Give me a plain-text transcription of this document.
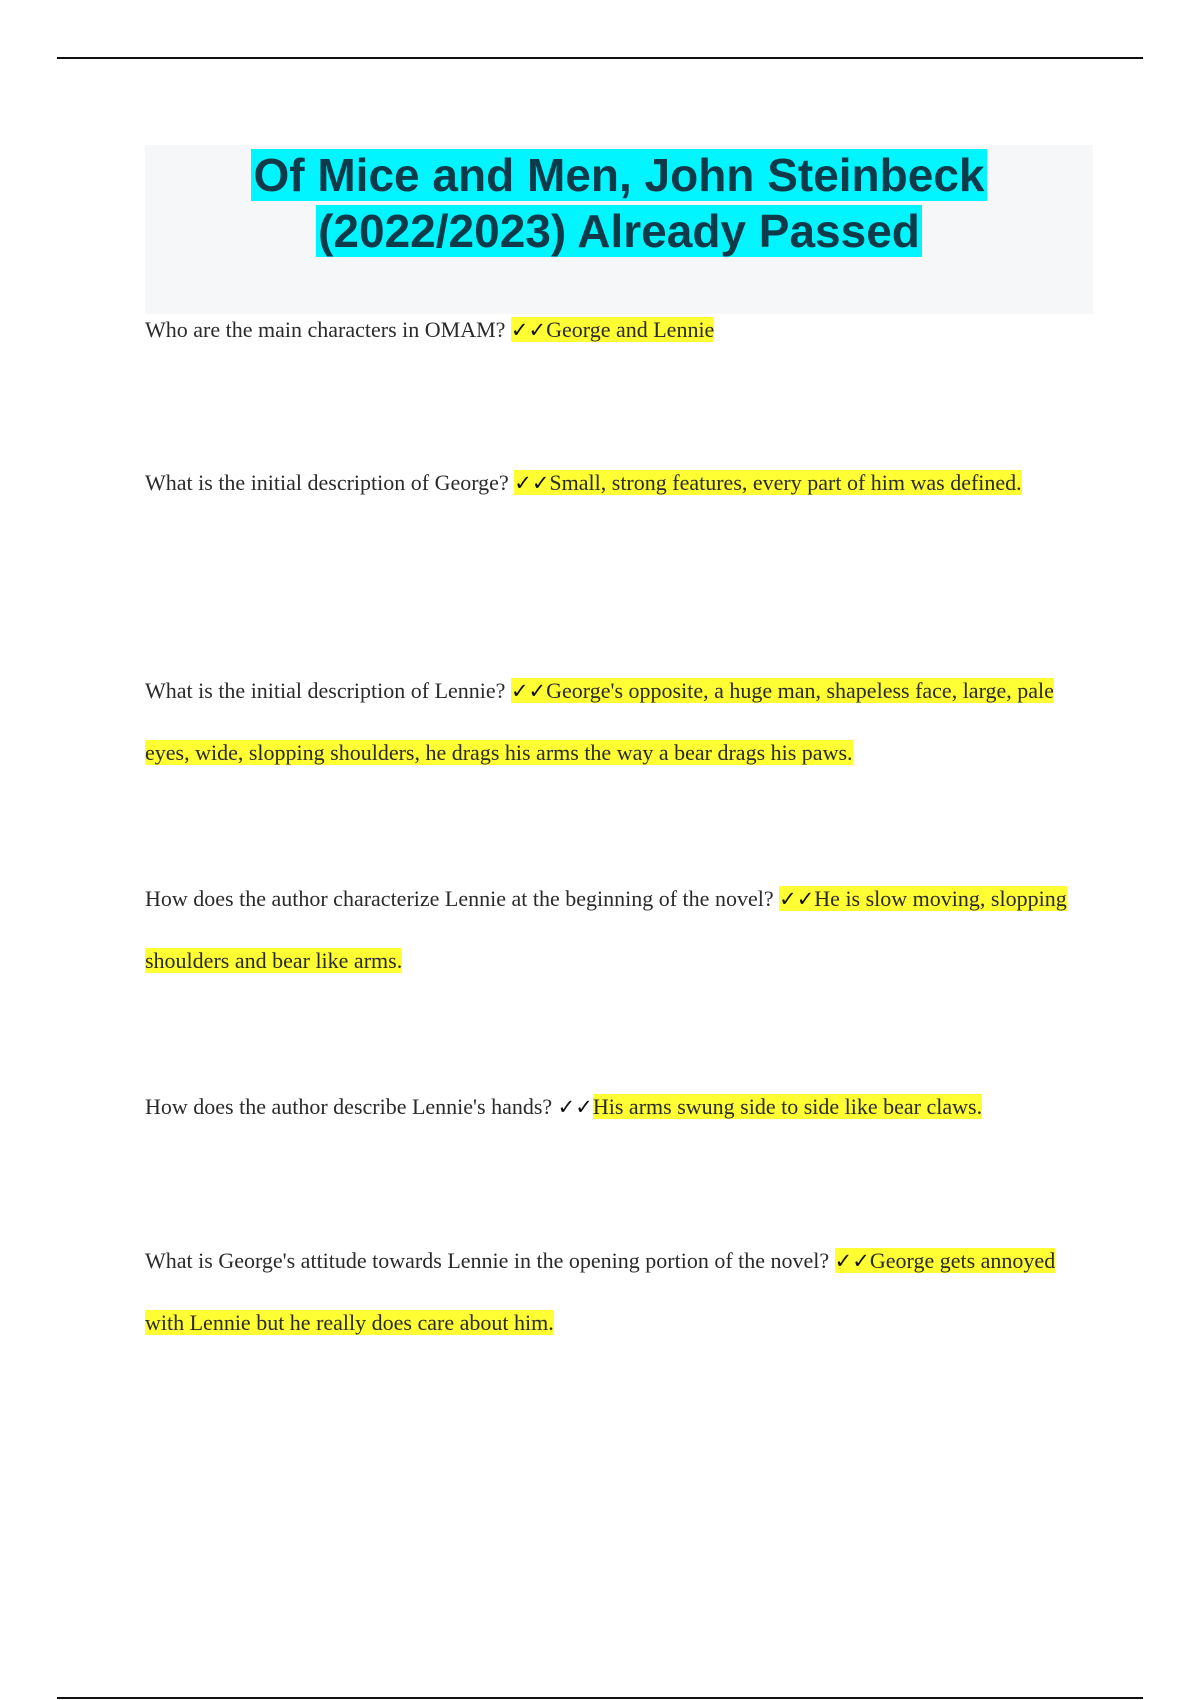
Of Mice and Men, John Steinbeck (2022/2023) Already Passed

Who are the main characters in OMAM? ✓✓George and Lennie

What is the initial description of George? ✓✓Small, strong features, every part of him was defined.

What is the initial description of Lennie? ✓✓George's opposite, a huge man, shapeless face, large, pale eyes, wide, slopping shoulders, he drags his arms the way a bear drags his paws.

How does the author characterize Lennie at the beginning of the novel? ✓✓He is slow moving, slopping shoulders and bear like arms.

How does the author describe Lennie's hands? ✓✓His arms swung side to side like bear claws.

What is George's attitude towards Lennie in the opening portion of the novel? ✓✓George gets annoyed with Lennie but he really does care about him.
